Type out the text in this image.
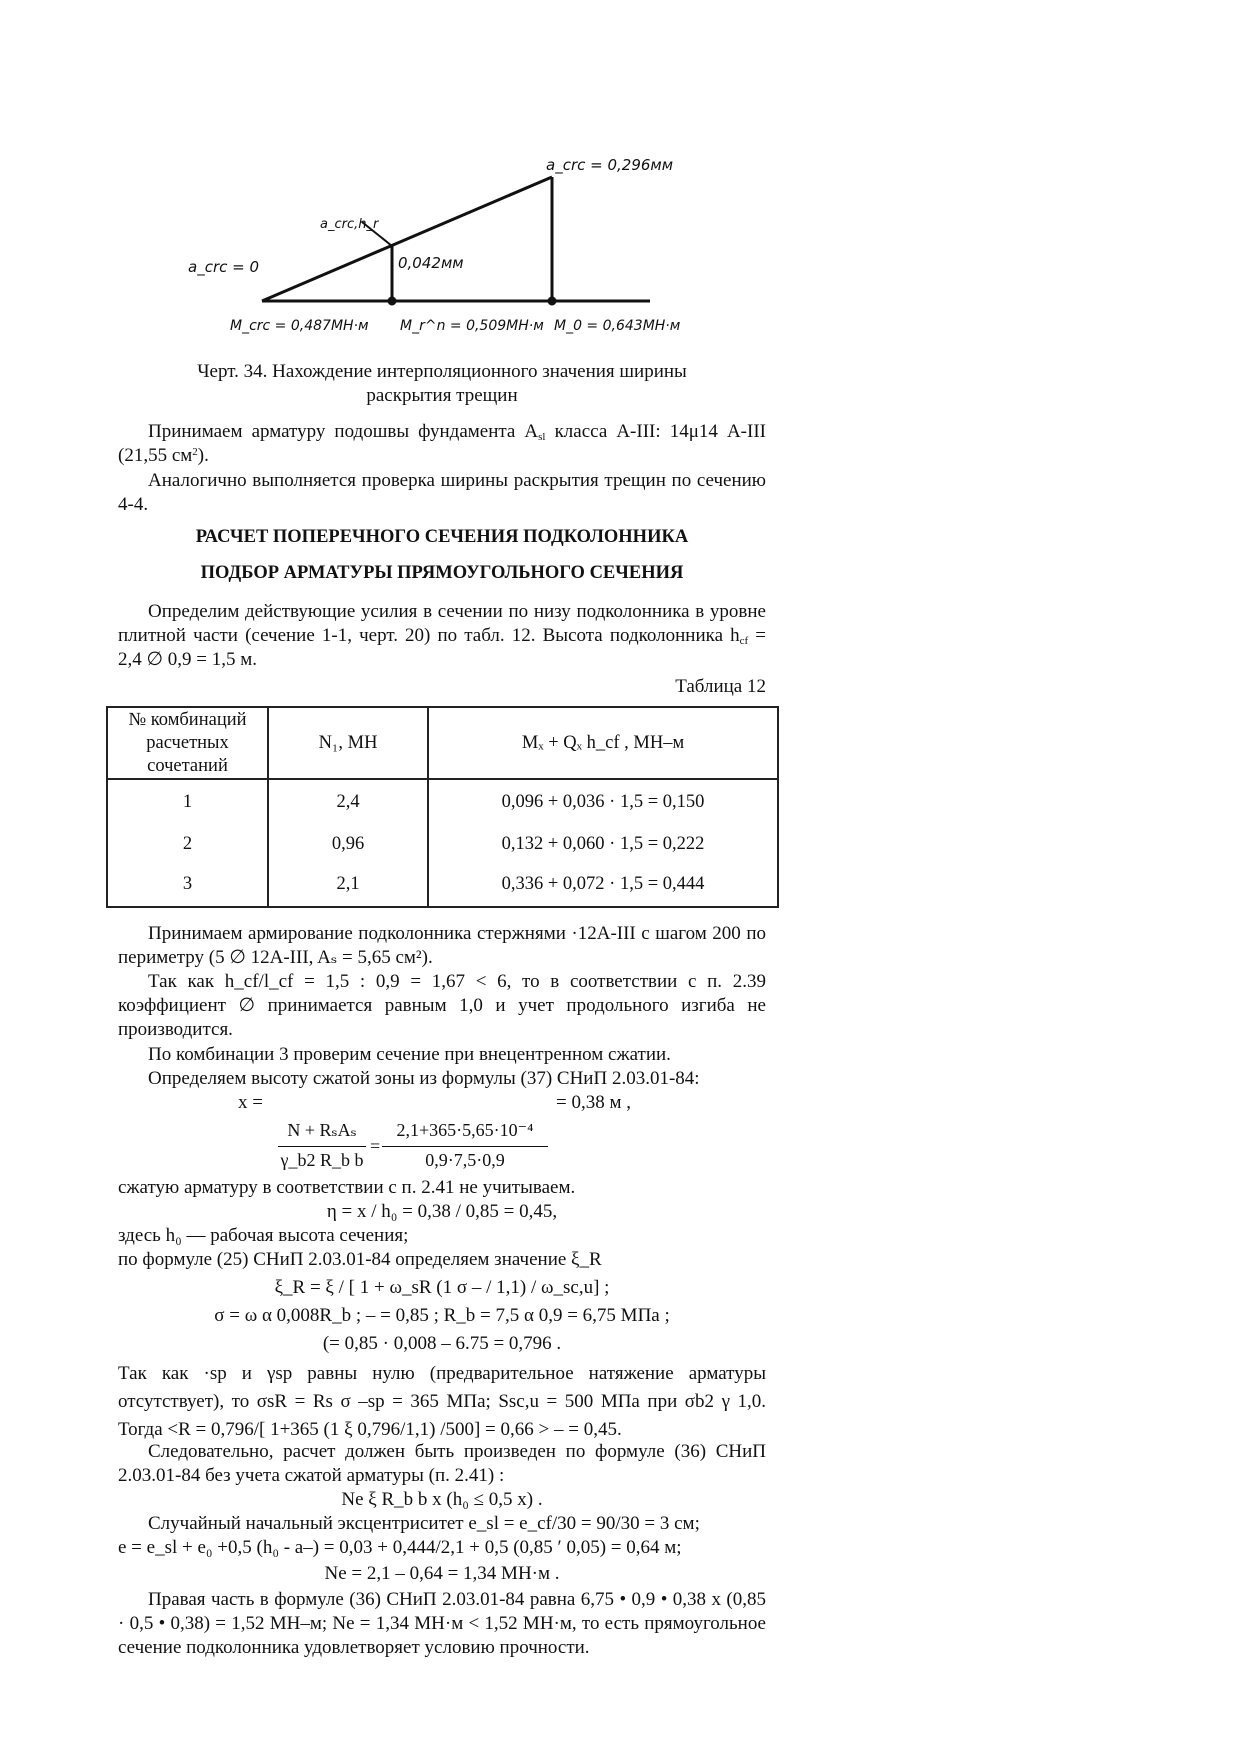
a_crc = 0
a_crc = 0,296мм
a_crc,h_r
0,042мм
M_crc = 0,487МН·м M_r^n = 0,509МН·м M_0 = 0,643МН·м
Черт. 34. Нахождение интерполяционного значения ширины
раскрытия трещин
Принимаем арматуру подошвы фундамента $A_{sl}$ класса А-III: 14μ14 А-III (21,55 $см^2$).
Аналогично выполняется проверка ширины раскрытия трещин по сечению 4-4.
РАСЧЕТ ПОПЕРЕЧНОГО СЕЧЕНИЯ ПОДКОЛОННИКА
ПОДБОР АРМАТУРЫ ПРЯМОУГОЛЬНОГО СЕЧЕНИЯ
Определим действующие усилия в сечении по низу подколонника в уровне плитной части (сечение 1-1, черт. 20) по табл. 12. Высота подколонника $h_{cf} = 2,4$ ∅ 0,9 = 1,5 м.
Таблица 12
№ комбинаций расчетных сочетаний	N₁, МН	Mₓ + Qₓ h_cf , МН–м
1	2,4	0,096 + 0,036 · 1,5 = 0,150
2	0,96	0,132 + 0,060 · 1,5 = 0,222
3	2,1	0,336 + 0,072 · 1,5 = 0,444
Принимаем армирование подколонника стержнями ·12А-III с шагом 200 по периметру (5 ∅ 12А-III, Aₛ = 5,65 см²).
Так как h_cf/l_cf = 1,5 : 0,9 = 1,67 < 6, то в соответствии с п. 2.39 коэффициент ∅ принимается равным 1,0 и учет продольного изгиба не производится.
По комбинации 3 проверим сечение при внецентренном сжатии.
Определяем высоту сжатой зоны из формулы (37) СНиП 2.03.01-84:
x =	= 0,38 м ,
N + RₛAₛ
γ_b2 R_b b
=
2,1+365·5,65·10⁻⁴
0,9·7,5·0,9
сжатую арматуру в соответствии с п. 2.41 не учитываем.
η = x / h₀ = 0,38 / 0,85 = 0,45,
здесь h₀ — рабочая высота сечения;
по формуле (25) СНиП 2.03.01-84 определяем значение ξ_R
ξ_R = ξ / [ 1 + ω_sR (1 σ – / 1,1) / ω_sc,u] ;
σ = ω α 0,008R_b ; – = 0,85 ; R_b = 7,5 α 0,9 = 6,75 МПа ;
(= 0,85 · 0,008 – 6.75 = 0,796 .
Так как ·sp и γsp равны нулю (предварительное натяжение арматуры отсутствует), то σsR = Rs σ –sp = 365 МПа; Ssc,u = 500 МПа при σb2 γ 1,0. Тогда <R = 0,796/[ 1+365 (1 ξ 0,796/1,1) /500] = 0,66 > – = 0,45.
Следовательно, расчет должен быть произведен по формуле (36) СНиП 2.03.01-84 без учета сжатой арматуры (п. 2.41) :
Ne ξ R_b b x (h₀ ≤ 0,5 x) .
Случайный начальный эксцентриситет e_sl = e_cf/30 = 90/30 = 3 см;
e = e_sl + e₀ +0,5 (h₀ - a–) = 0,03 + 0,444/2,1 + 0,5 (0,85 ′ 0,05) = 0,64 м;
Ne = 2,1 – 0,64 = 1,34 МН·м .
Правая часть в формуле (36) СНиП 2.03.01-84 равна 6,75 • 0,9 • 0,38 x (0,85 · 0,5 • 0,38) = 1,52 МН–м; Ne = 1,34 МН·м < 1,52 МН·м, то есть прямоугольное сечение подколонника удовлетворяет условию прочности.
